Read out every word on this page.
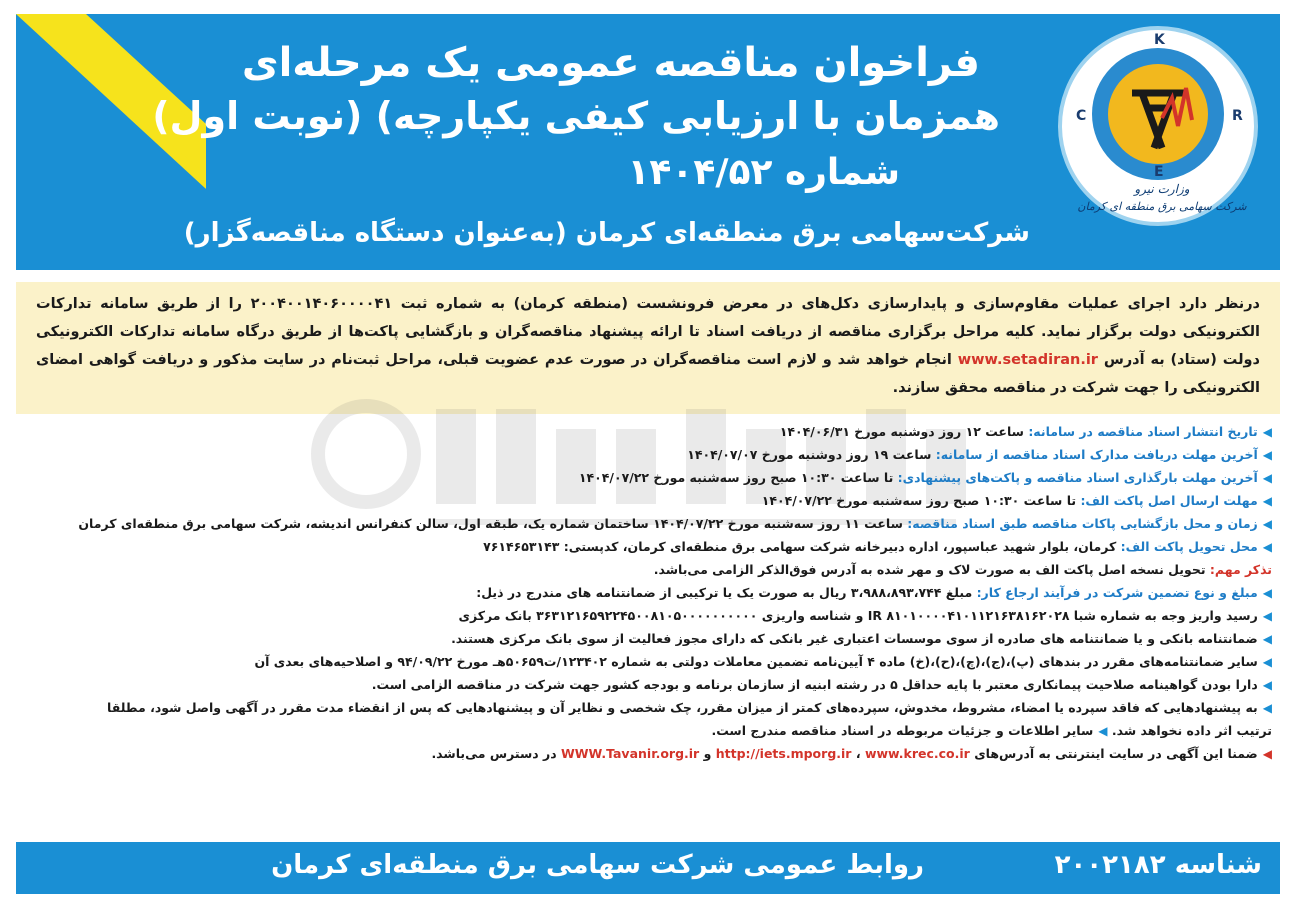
فراخوان مناقصه عمومی یک مرحله‌ای
همزمان با ارزیابی کیفی یکپارچه) (نوبت اول)
شماره ۱۴۰۴/۵۲
شرکت‌سهامی برق منطقه‌ای کرمان (به‌عنوان دستگاه مناقصه‌گزار)
K
C	R
E
وزارت نیرو
شرکت سهامی برق منطقه ای کرمان

درنظر دارد اجرای عملیات مقاوم‌سازی و پایدارسازی دکل‌های در معرض فرونشست (منطقه کرمان) به شماره ثبت ۲۰۰۴۰۰۱۴۰۶۰۰۰۰۴۱ را از طریق سامانه تدارکات الکترونیکی دولت برگزار نماید. کلیه مراحل برگزاری مناقصه از دریافت اسناد تا ارائه پیشنهاد مناقصه‌گران و بازگشایی پاکت‌ها از طریق درگاه سامانه تدارکات الکترونیکی دولت (ستاد) به آدرس www.setadiran.ir انجام خواهد شد و لازم است مناقصه‌گران در صورت عدم عضویت قبلی، مراحل ثبت‌نام در سایت مذکور و دریافت گواهی امضای الکترونیکی را جهت شرکت در مناقصه محقق سازند.

◀تاریخ انتشار اسناد مناقصه در سامانه: ساعت ۱۲ روز دوشنبه مورخ ۱۴۰۴/۰۶/۳۱
◀آخرین مهلت دریافت مدارک اسناد مناقصه از سامانه: ساعت ۱۹ روز دوشنبه مورخ ۱۴۰۴/۰۷/۰۷
◀آخرین مهلت بارگذاری اسناد مناقصه و پاکت‌های پیشنهادی: تا ساعت ۱۰:۳۰ صبح روز سه‌شنبه مورخ ۱۴۰۴/۰۷/۲۲
◀مهلت ارسال اصل پاکت الف: تا ساعت ۱۰:۳۰ صبح روز سه‌شنبه مورخ ۱۴۰۴/۰۷/۲۲
◀زمان و محل بازگشایی پاکات مناقصه طبق اسناد مناقصه: ساعت ۱۱ روز سه‌شنبه مورخ ۱۴۰۴/۰۷/۲۲ ساختمان شماره یک، طبقه اول، سالن کنفرانس اندیشه، شرکت سهامی برق منطقه‌ای کرمان
◀محل تحویل پاکت الف: کرمان، بلوار شهید عباسپور، اداره دبیرخانه شرکت سهامی برق منطقه‌ای کرمان، کدپستی: ۷۶۱۴۶۵۳۱۴۳
تذکر مهم: تحویل نسخه اصل پاکت الف به صورت لاک و مهر شده به آدرس فوق‌الذکر الزامی می‌باشد.
◀مبلغ و نوع تضمین شرکت در فرآیند ارجاع کار: مبلغ ۳،۹۸۸،۸۹۳،۷۴۴ ریال به صورت یک یا ترکیبی از ضمانتنامه های مندرج در ذیل:
◀رسید واریز وجه به شماره شبا IR ۸۱۰۱۰۰۰۰۴۱۰۱۱۲۱۶۳۸۱۶۲۰۲۸ و شناسه واریزی ۳۶۳۱۲۱۶۵۹۲۲۴۵۰۰۸۱۰۵۰۰۰۰۰۰۰۰۰۰ بانک مرکزی
◀ضمانتنامه بانکی و یا ضمانتنامه های صادره از سوی موسسات اعتباری غیر بانکی که دارای مجوز فعالیت از سوی بانک مرکزی هستند.
◀سایر ضمانتنامه‌های مقرر در بندهای (پ)،(ج)،(چ)،(ح)،(خ) ماده ۴ آیین‌نامه تضمین معاملات دولتی به شماره ۱۲۳۴۰۲/ت۵۰۶۵۹هـ مورخ ۹۴/۰۹/۲۲ و اصلاحیه‌های بعدی آن
◀دارا بودن گواهینامه صلاحیت پیمانکاری معتبر با پایه حداقل ۵ در رشته ابنیه از سازمان برنامه و بودجه کشور جهت شرکت در مناقصه الزامی است.
◀به پیشنهادهایی که فاقد سپرده یا امضاء، مشروط، مخدوش، سپرده‌های کمتر از میزان مقرر، چک شخصی و نظایر آن و پیشنهادهایی که پس از انقضاء مدت مقرر در آگهی واصل شود، مطلقا
ترتیب اثر داده نخواهد شد. ◀سایر اطلاعات و جزئیات مربوطه در اسناد مناقصه مندرج است.
◀ضمنا این آگهی در سایت اینترنتی به آدرس‌های http://iets.mporg.ir ، www.krec.co.ir و WWW.Tavanir.org.ir در دسترس می‌باشد.
شناسه ۲۰۰۲۱۸۲
روابط عمومی شرکت سهامی برق منطقه‌ای کرمان
